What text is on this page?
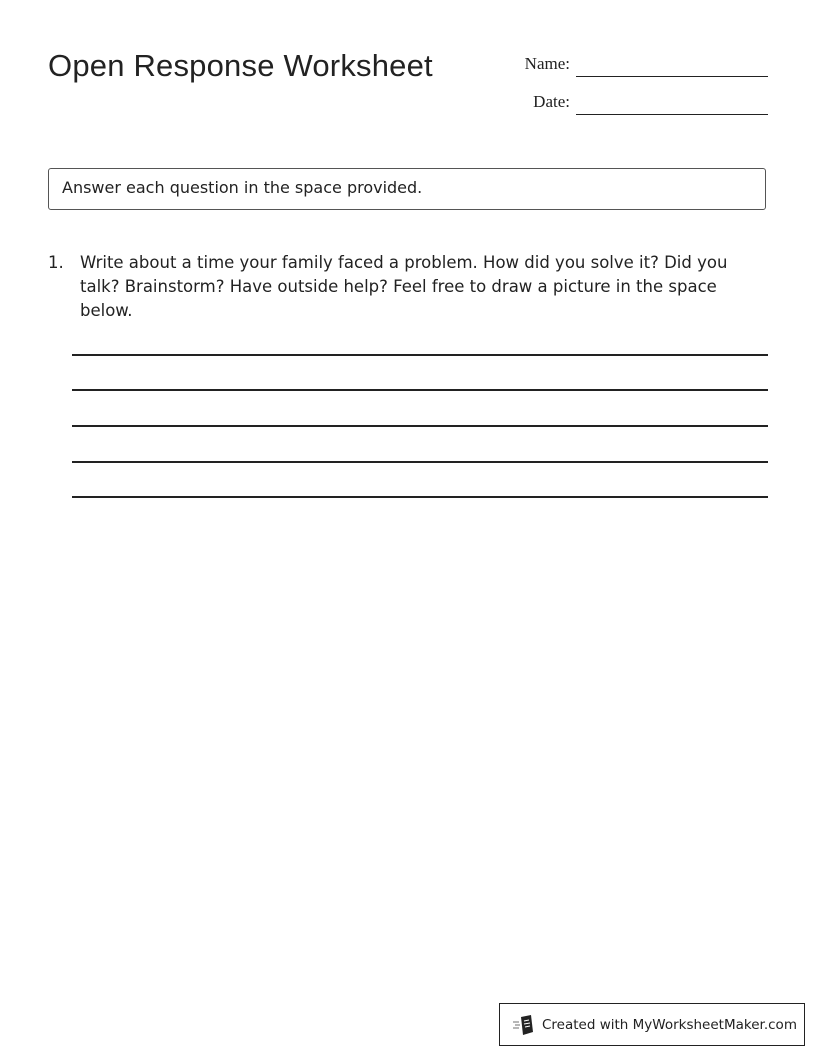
Open Response Worksheet	Name:
Date:
Answer each question in the space provided.
1. Write about a time your family faced a problem. How did you solve it? Did you talk? Brainstorm? Have outside help? Feel free to draw a picture in the space below.
Created with MyWorksheetMaker.com
